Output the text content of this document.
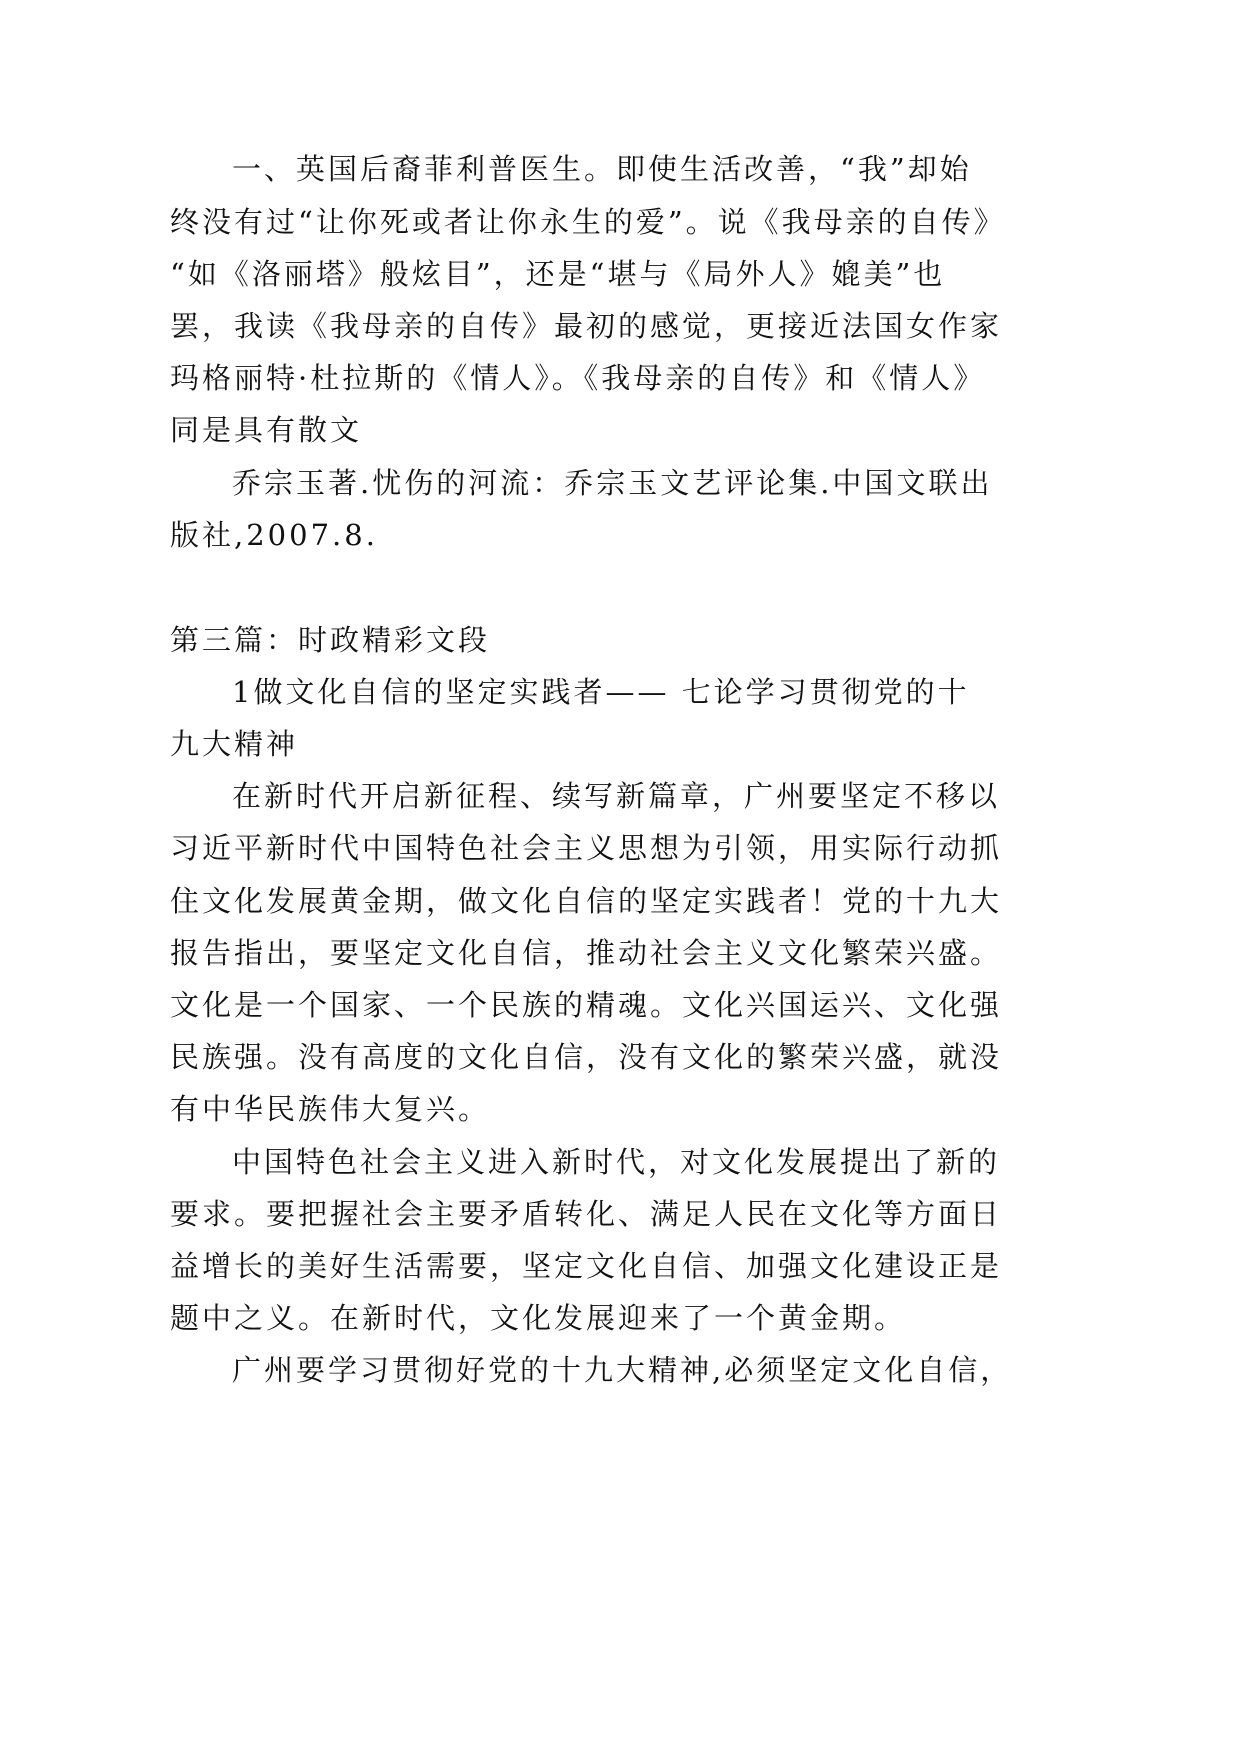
一、英国后裔菲利普医生。即使生活改善，“我”却始
终没有过“让你死或者让你永生的爱”。说《我母亲的自传》
“如《洛丽塔》般炫目”，还是“堪与《局外人》媲美”也
罢，我读《我母亲的自传》最初的感觉，更接近法国女作家
玛格丽特·杜拉斯的《情人》。《我母亲的自传》和《情人》
同是具有散文
乔宗玉著.忧伤的河流：乔宗玉文艺评论集.中国文联出
版社,2007.8.
第三篇：时政精彩文段
1做文化自信的坚定实践者—— 七论学习贯彻党的十
九大精神
在新时代开启新征程、续写新篇章，广州要坚定不移以
习近平新时代中国特色社会主义思想为引领，用实际行动抓
住文化发展黄金期，做文化自信的坚定实践者！党的十九大
报告指出，要坚定文化自信，推动社会主义文化繁荣兴盛。
文化是一个国家、一个民族的精魂。文化兴国运兴、文化强
民族强。没有高度的文化自信，没有文化的繁荣兴盛，就没
有中华民族伟大复兴。
中国特色社会主义进入新时代，对文化发展提出了新的
要求。要把握社会主要矛盾转化、满足人民在文化等方面日
益增长的美好生活需要，坚定文化自信、加强文化建设正是
题中之义。在新时代，文化发展迎来了一个黄金期。
广州要学习贯彻好党的十九大精神,必须坚定文化自信，
